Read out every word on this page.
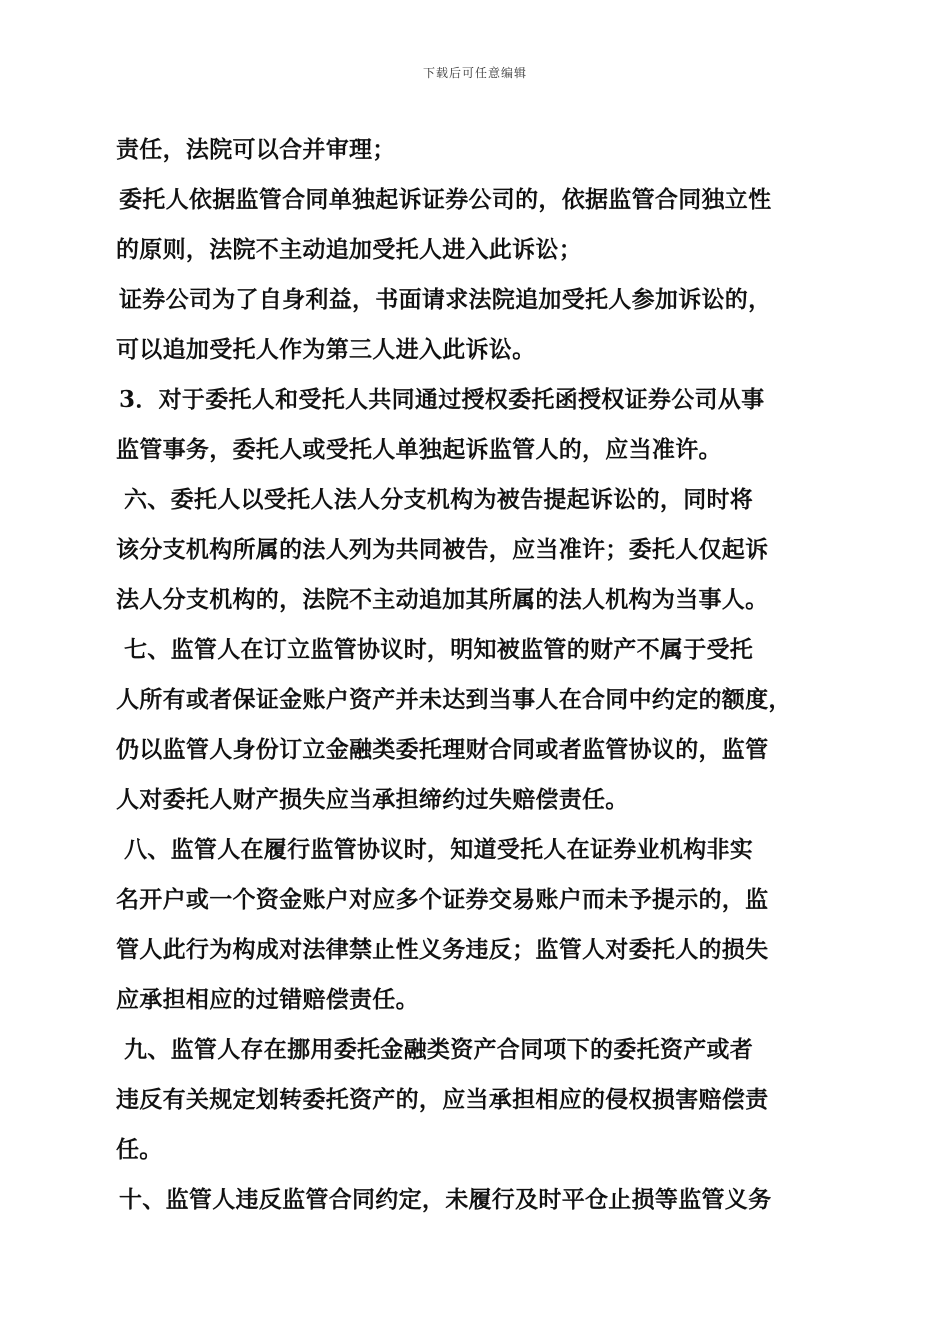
下载后可任意编辑
责任，法院可以合并审理；
委托人依据监管合同单独起诉证券公司的，依据监管合同独立性
的原则，法院不主动追加受托人进入此诉讼；
证券公司为了自身利益，书面请求法院追加受托人参加诉讼的，
可以追加受托人作为第三人进入此诉讼。
3．对于委托人和受托人共同通过授权委托函授权证券公司从事
监管事务，委托人或受托人单独起诉监管人的，应当准许。
六、委托人以受托人法人分支机构为被告提起诉讼的，同时将
该分支机构所属的法人列为共同被告，应当准许；委托人仅起诉
法人分支机构的，法院不主动追加其所属的法人机构为当事人。
七、监管人在订立监管协议时，明知被监管的财产不属于受托
人所有或者保证金账户资产并未达到当事人在合同中约定的额度，
仍以监管人身份订立金融类委托理财合同或者监管协议的，监管
人对委托人财产损失应当承担缔约过失赔偿责任。
八、监管人在履行监管协议时，知道受托人在证券业机构非实
名开户或一个资金账户对应多个证券交易账户而未予提示的，监
管人此行为构成对法律禁止性义务违反；监管人对委托人的损失
应承担相应的过错赔偿责任。
九、监管人存在挪用委托金融类资产合同项下的委托资产或者
违反有关规定划转委托资产的，应当承担相应的侵权损害赔偿责
任。
十、监管人违反监管合同约定，未履行及时平仓止损等监管义务
